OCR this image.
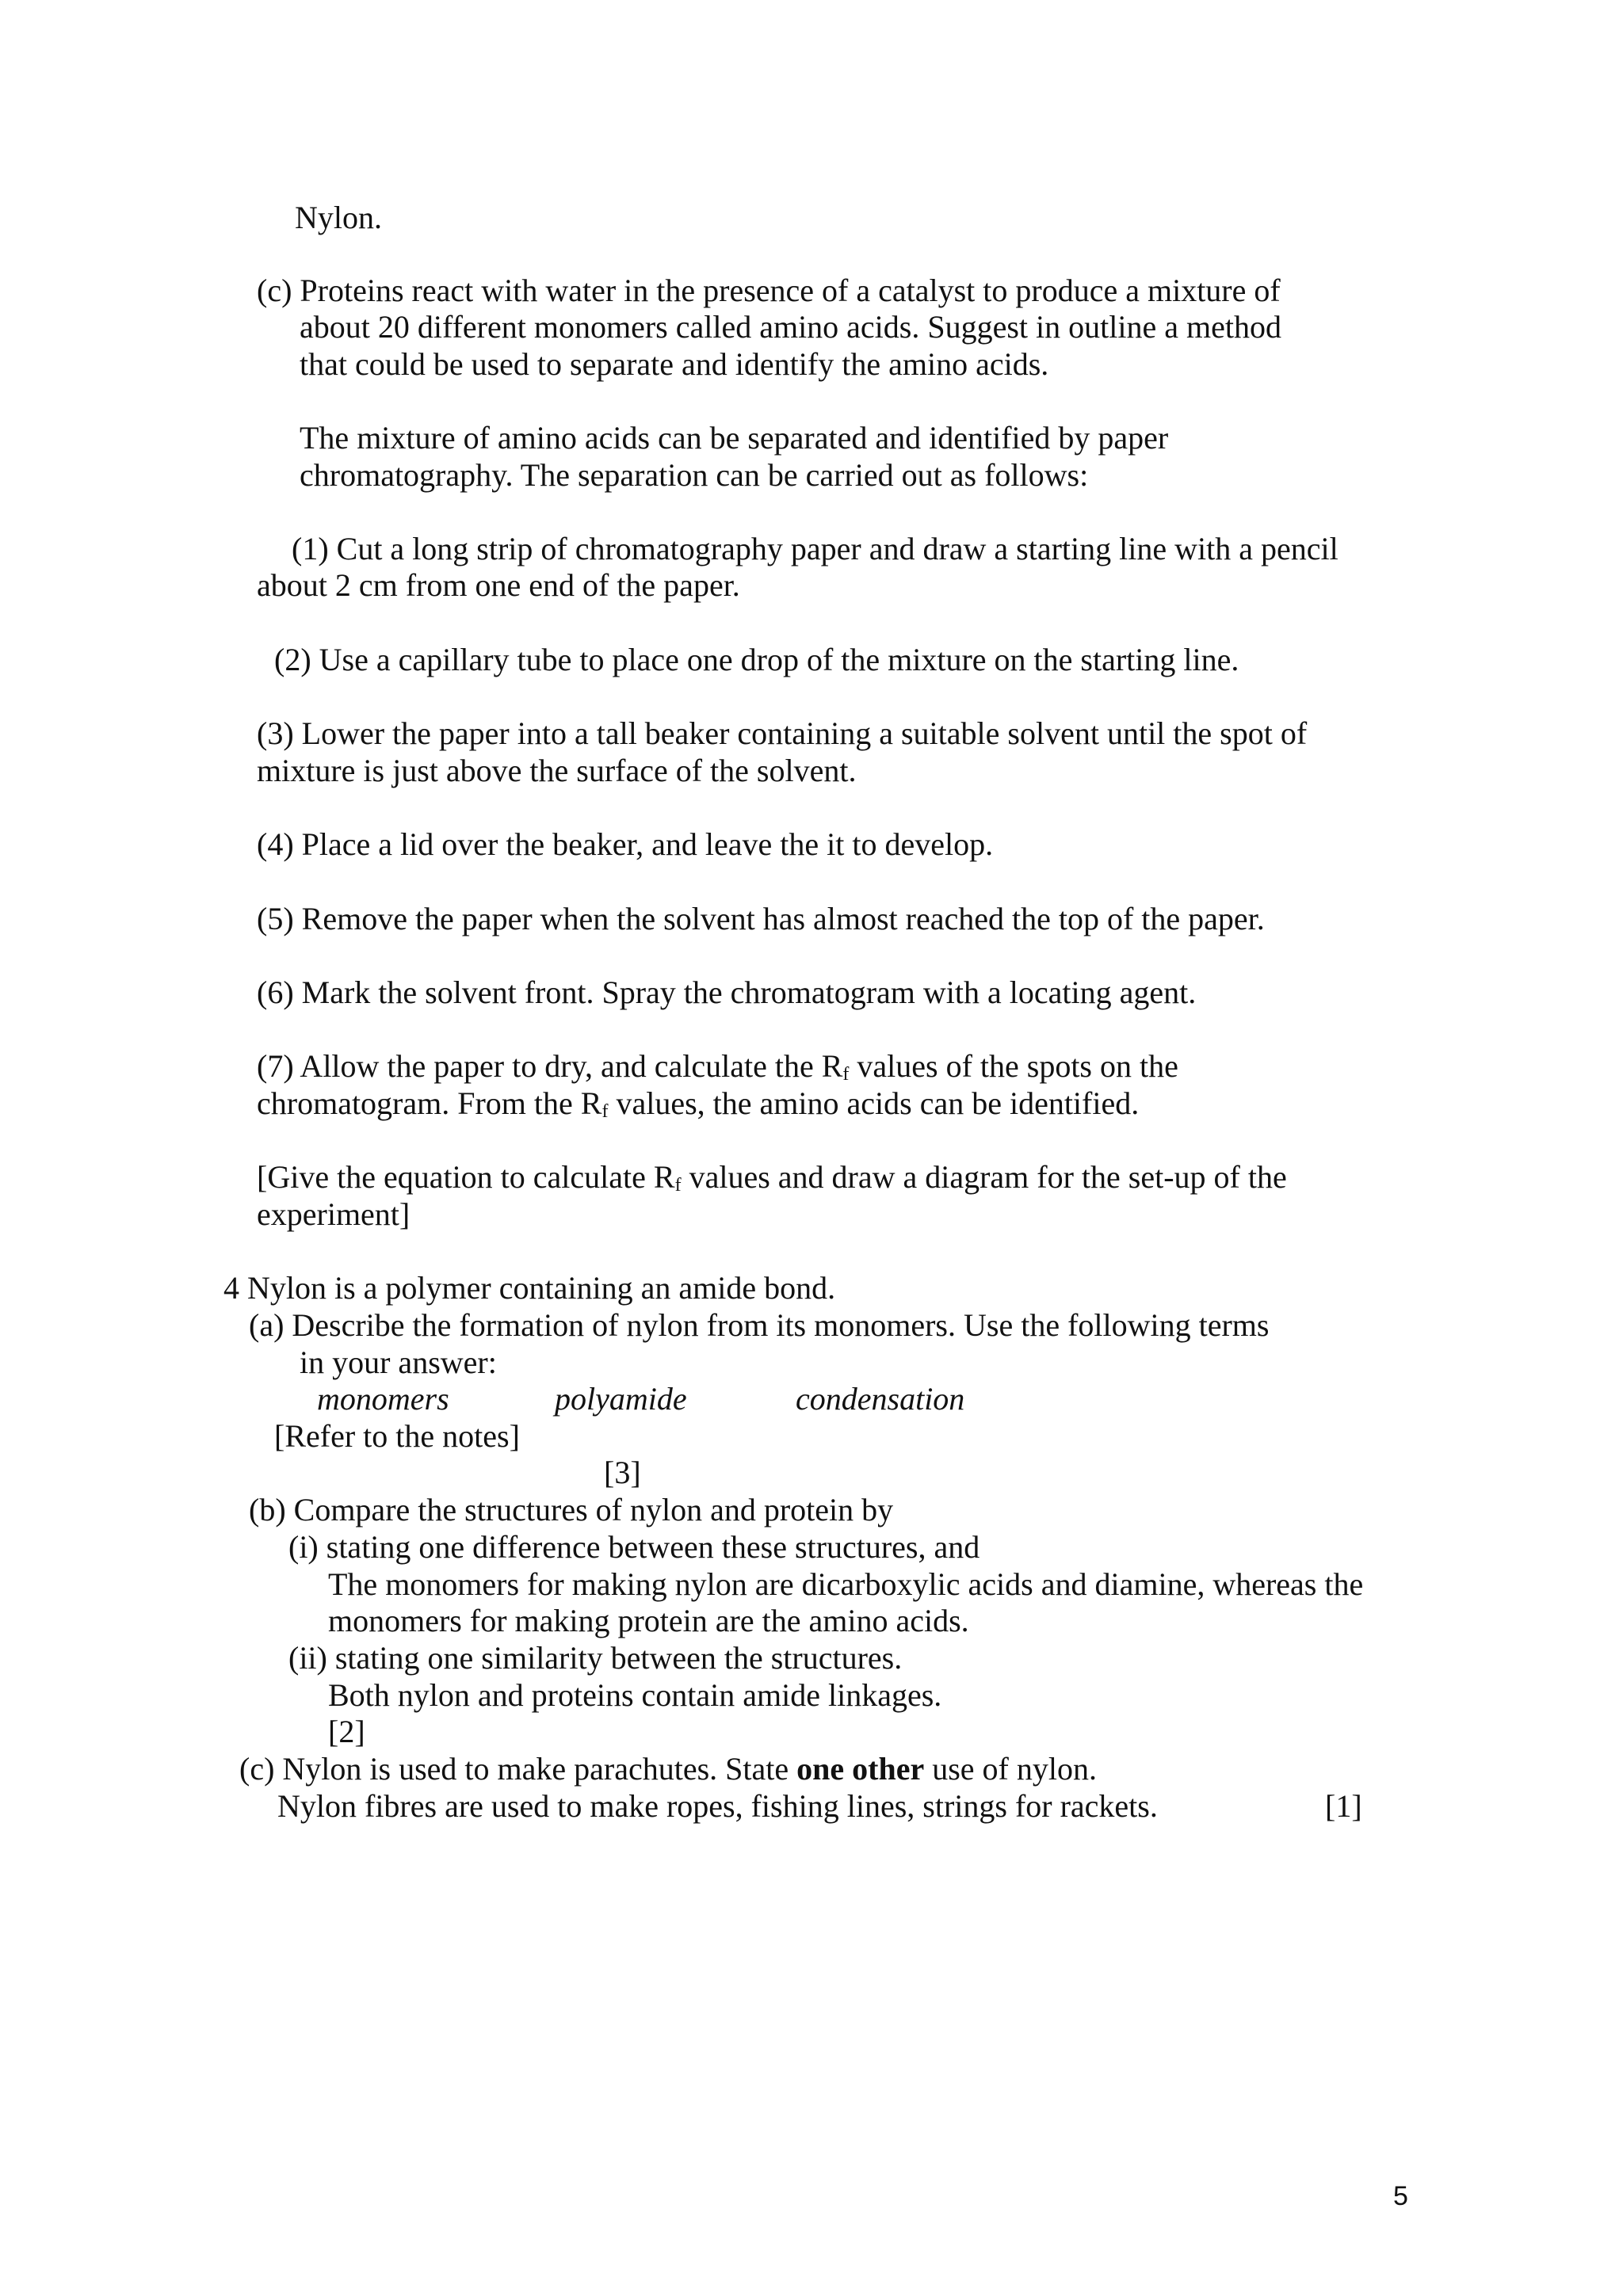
Nylon.
(c) Proteins react with water in the presence of a catalyst to produce a mixture of
about 20 different monomers called amino acids. Suggest in outline a method
that could be used to separate and identify the amino acids.
The mixture of amino acids can be separated and identified by paper
chromatography. The separation can be carried out as follows:
(1) Cut a long strip of chromatography paper and draw a starting line with a pencil
about 2 cm from one end of the paper.
(2) Use a capillary tube to place one drop of the mixture on the starting line.
(3) Lower the paper into a tall beaker containing a suitable solvent until the spot of
mixture is just above the surface of the solvent.
(4) Place a lid over the beaker, and leave the it to develop.
(5) Remove the paper when the solvent has almost reached the top of the paper.
(6) Mark the solvent front. Spray the chromatogram with a locating agent.
(7) Allow the paper to dry, and calculate the $R_f$ values of the spots on the
chromatogram. From the $R_f$ values, the amino acids can be identified.
[Give the equation to calculate $R_f$ values and draw a diagram for the set-up of the
experiment]
4 Nylon is a polymer containing an amide bond.
(a) Describe the formation of nylon from its monomers. Use the following terms
in your answer:
monomers	polyamide	condensation
[Refer to the notes]
[3]
(b) Compare the structures of nylon and protein by
(i) stating one difference between these structures, and
The monomers for making nylon are dicarboxylic acids and diamine, whereas the
monomers for making protein are the amino acids.
(ii) stating one similarity between the structures.
Both nylon and proteins contain amide linkages.
[2]
(c) Nylon is used to make parachutes. State one other use of nylon.
Nylon fibres are used to make ropes, fishing lines, strings for rackets.	[1]
5
